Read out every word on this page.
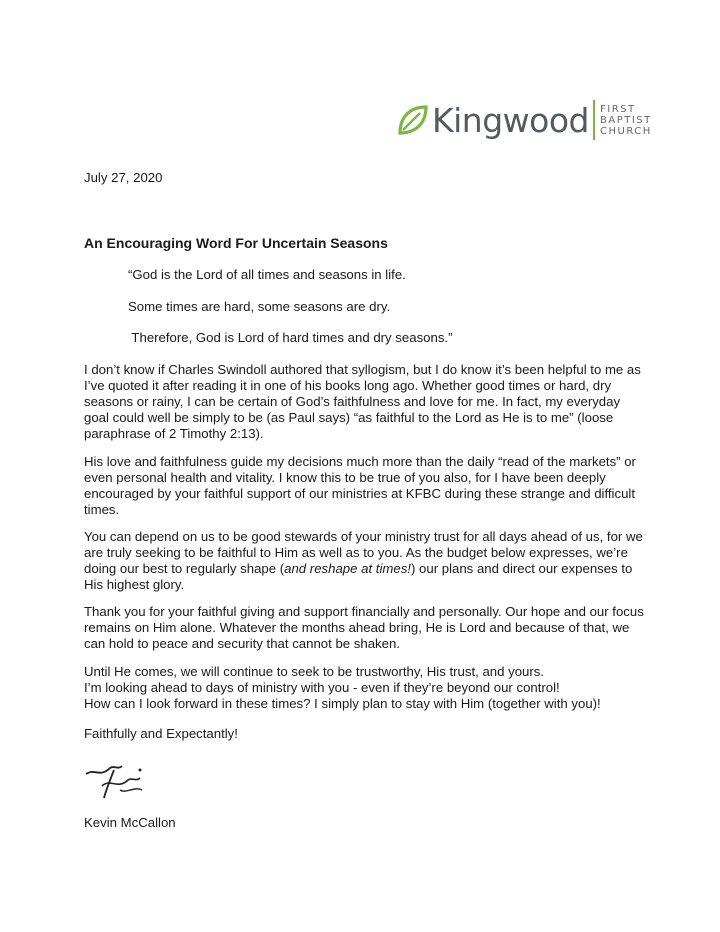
Kingwood FIRST
BAPTIST
CHURCH

July 27, 2020

An Encouraging Word For Uncertain Seasons

“God is the Lord of all times and seasons in life.

Some times are hard, some seasons are dry.

Therefore, God is Lord of hard times and dry seasons.”

I don’t know if Charles Swindoll authored that syllogism, but I do know it’s been helpful to me as I’ve quoted it after reading it in one of his books long ago. Whether good times or hard, dry seasons or rainy, I can be certain of God’s faithfulness and love for me. In fact, my everyday goal could well be simply to be (as Paul says) “as faithful to the Lord as He is to me” (loose paraphrase of 2 Timothy 2:13).

His love and faithfulness guide my decisions much more than the daily “read of the markets” or even personal health and vitality. I know this to be true of you also, for I have been deeply encouraged by your faithful support of our ministries at KFBC during these strange and difficult times.

You can depend on us to be good stewards of your ministry trust for all days ahead of us, for we are truly seeking to be faithful to Him as well as to you. As the budget below expresses, we’re doing our best to regularly shape (and reshape at times!) our plans and direct our expenses to His highest glory.

Thank you for your faithful giving and support financially and personally. Our hope and our focus remains on Him alone. Whatever the months ahead bring, He is Lord and because of that, we can hold to peace and security that cannot be shaken.

Until He comes, we will continue to seek to be trustworthy, His trust, and yours.

I’m looking ahead to days of ministry with you - even if they’re beyond our control!

How can I look forward in these times? I simply plan to stay with Him (together with you)!

Faithfully and Expectantly!

Kevin McCallon
